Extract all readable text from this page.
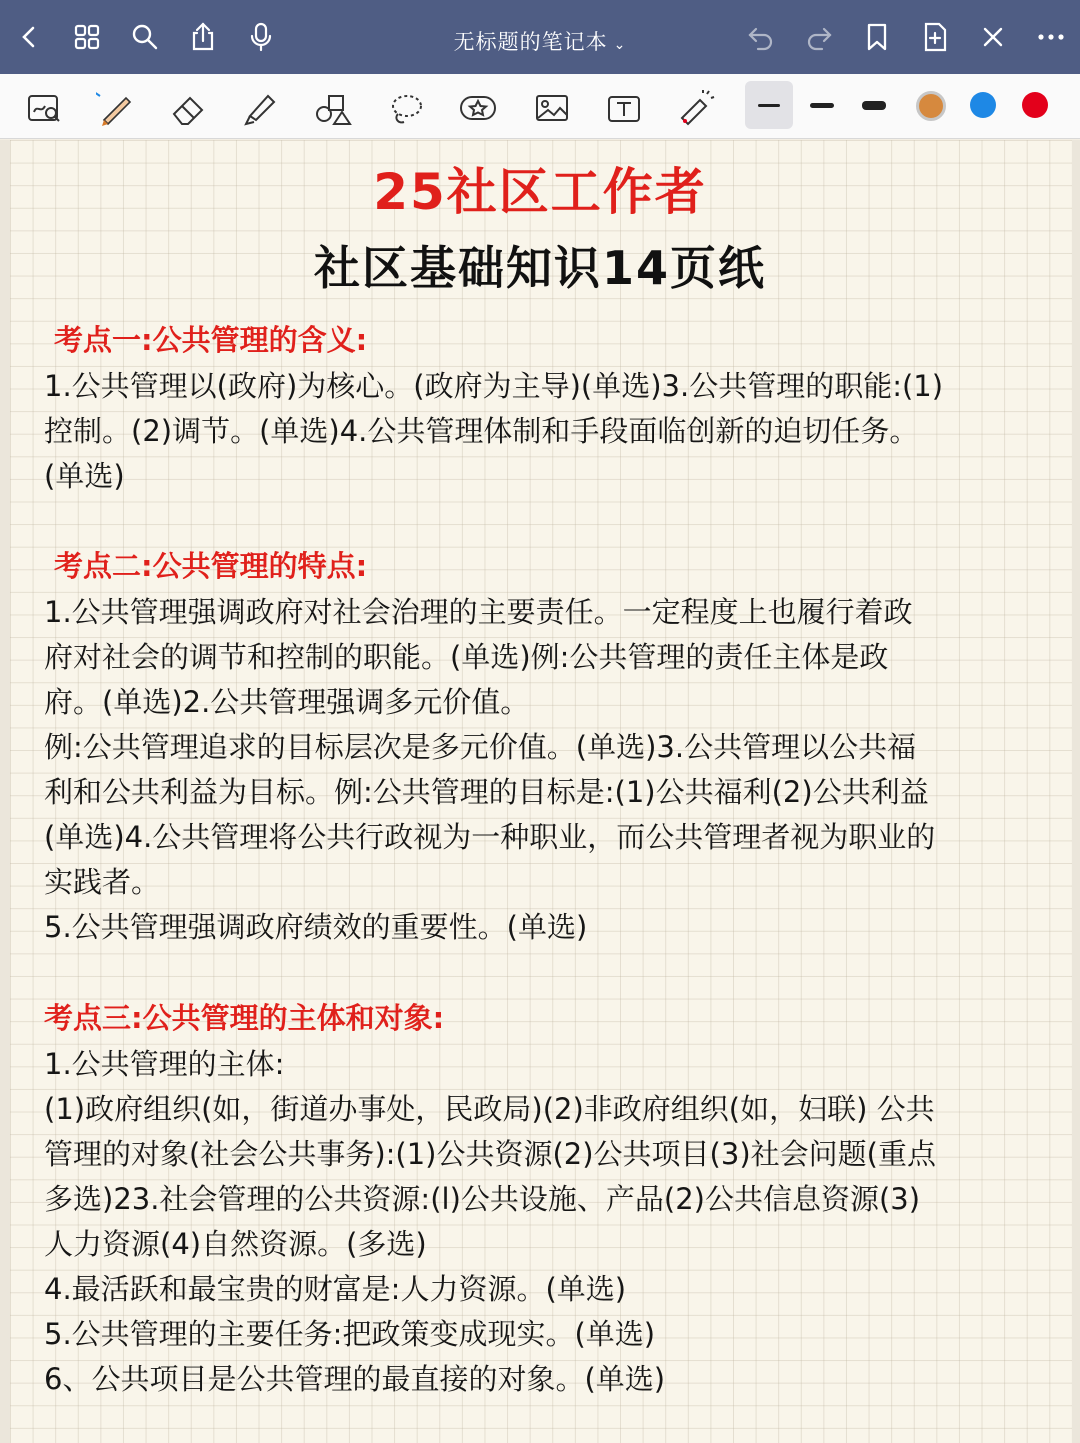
无标题的笔记本 ⌄
25社区工作者
社区基础知识14页纸
考点一:公共管理的含义:
1.公共管理以(政府)为核心。(政府为主导)(单选)3.公共管理的职能:(1)
控制。(2)调节。(单选)4.公共管理体制和手段面临创新的迫切任务。
(单选)
考点二:公共管理的特点:
1.公共管理强调政府对社会治理的主要责任。一定程度上也履行着政
府对社会的调节和控制的职能。(单选)例:公共管理的责任主体是政
府。(单选)2.公共管理强调多元价值。
例:公共管理追求的目标层次是多元价值。(单选)3.公共管理以公共福
利和公共利益为目标。例:公共管理的目标是:(1)公共福利(2)公共利益
(单选)4.公共管理将公共行政视为一种职业，而公共管理者视为职业的
实践者。
5.公共管理强调政府绩效的重要性。(单选)
考点三:公共管理的主体和对象:
1.公共管理的主体:
(1)政府组织(如，街道办事处，民政局)(2)非政府组织(如，妇联) 公共
管理的对象(社会公共事务):(1)公共资源(2)公共项目(3)社会问题(重点
多选)23.社会管理的公共资源:(l)公共设施、产品(2)公共信息资源(3)
人力资源(4)自然资源。(多选)
4.最活跃和最宝贵的财富是:人力资源。(单选)
5.公共管理的主要任务:把政策变成现实。(单选)
6、公共项目是公共管理的最直接的对象。(单选)
